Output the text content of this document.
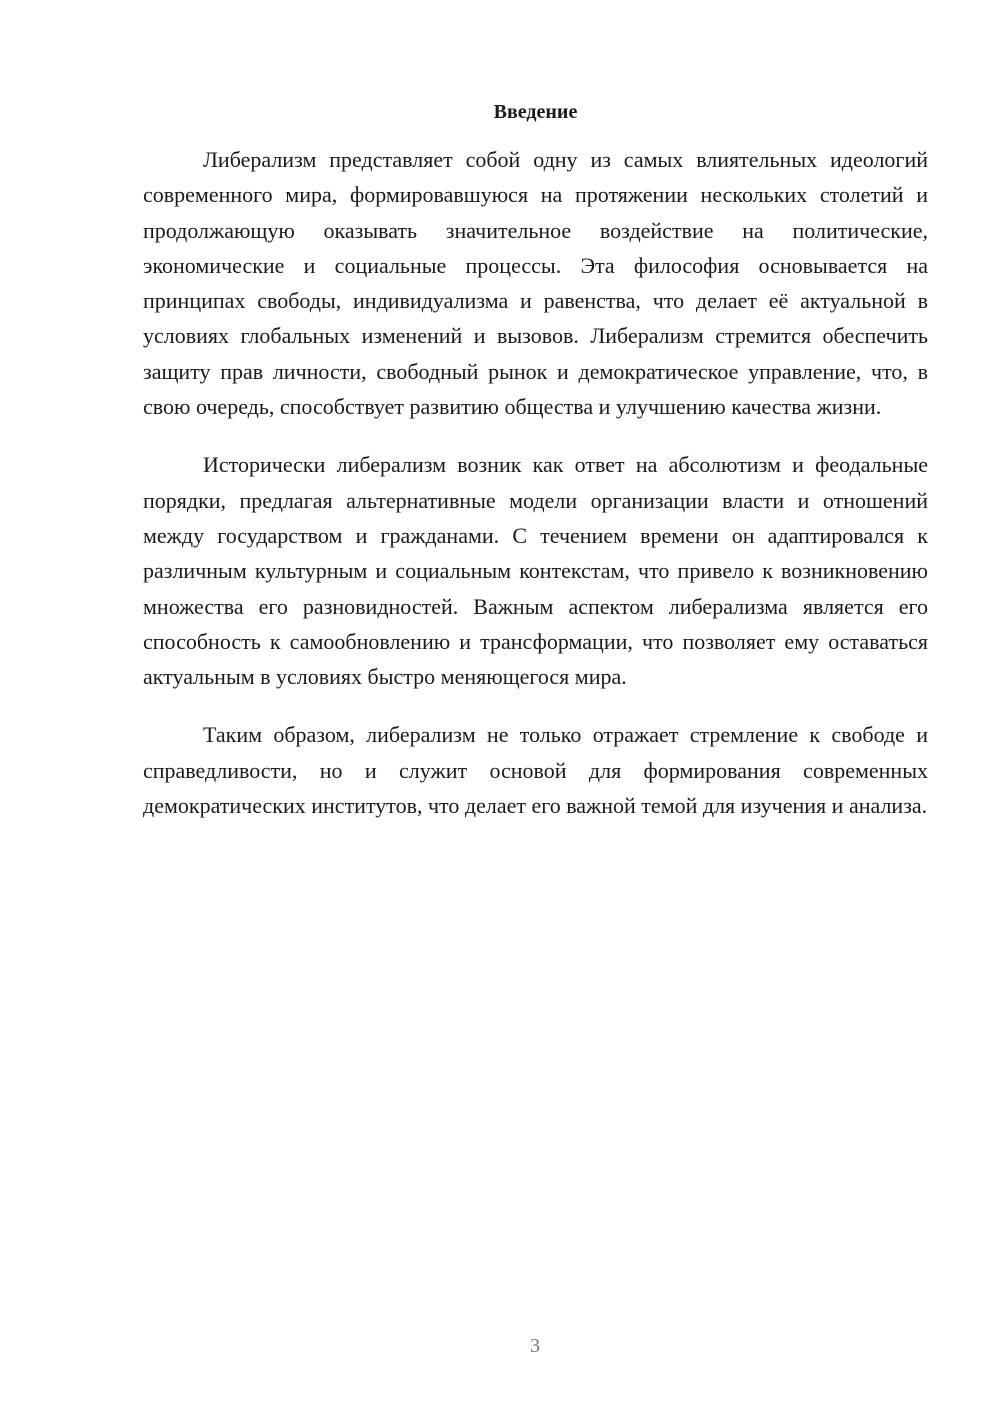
Введение

Либерализм представляет собой одну из самых влиятельных идеологий современного мира, формировавшуюся на протяжении нескольких столетий и продолжающую оказывать значительное воздействие на политические, экономические и социальные процессы. Эта философия основывается на принципах свободы, индивидуализма и равенства, что делает её актуальной в условиях глобальных изменений и вызовов. Либерализм стремится обеспечить защиту прав личности, свободный рынок и демократическое управление, что, в свою очередь, способствует развитию общества и улучшению качества жизни.

Исторически либерализм возник как ответ на абсолютизм и феодальные порядки, предлагая альтернативные модели организации власти и отношений между государством и гражданами. С течением времени он адаптировался к различным культурным и социальным контекстам, что привело к возникновению множества его разновидностей. Важным аспектом либерализма является его способность к самообновлению и трансформации, что позволяет ему оставаться актуальным в условиях быстро меняющегося мира.

Таким образом, либерализм не только отражает стремление к свободе и справедливости, но и служит основой для формирования современных демократических институтов, что делает его важной темой для изучения и анализа.

3
